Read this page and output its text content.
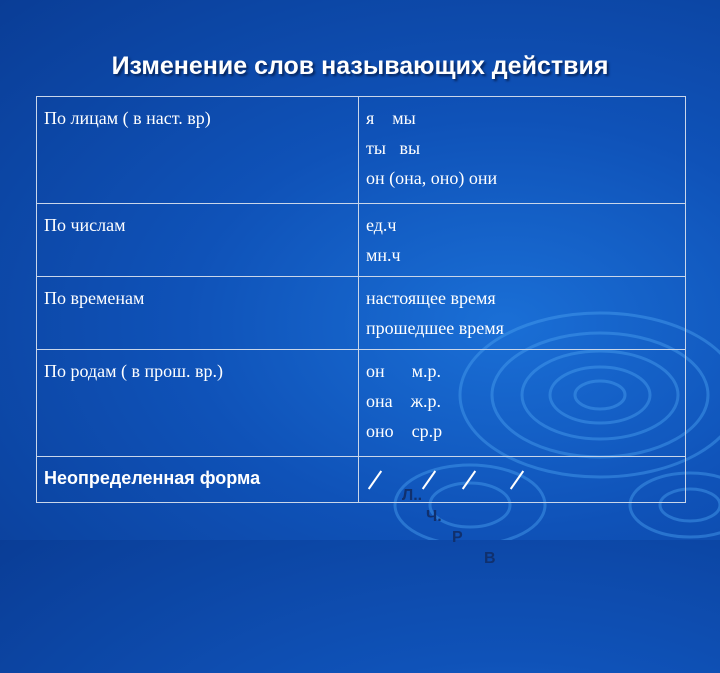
Изменение слов называющих действия
По лицам ( в наст. вр)	я    мы
ты   вы
он (она, оно) они

По числам	ед.ч
мн.ч

По временам	настоящее время
прошедшее время

По родам ( в прош. вр.)	он      м.р.
она    ж.р.
оно    ср.р

Неопределенная форма	Л..
Ч.
Р
В
